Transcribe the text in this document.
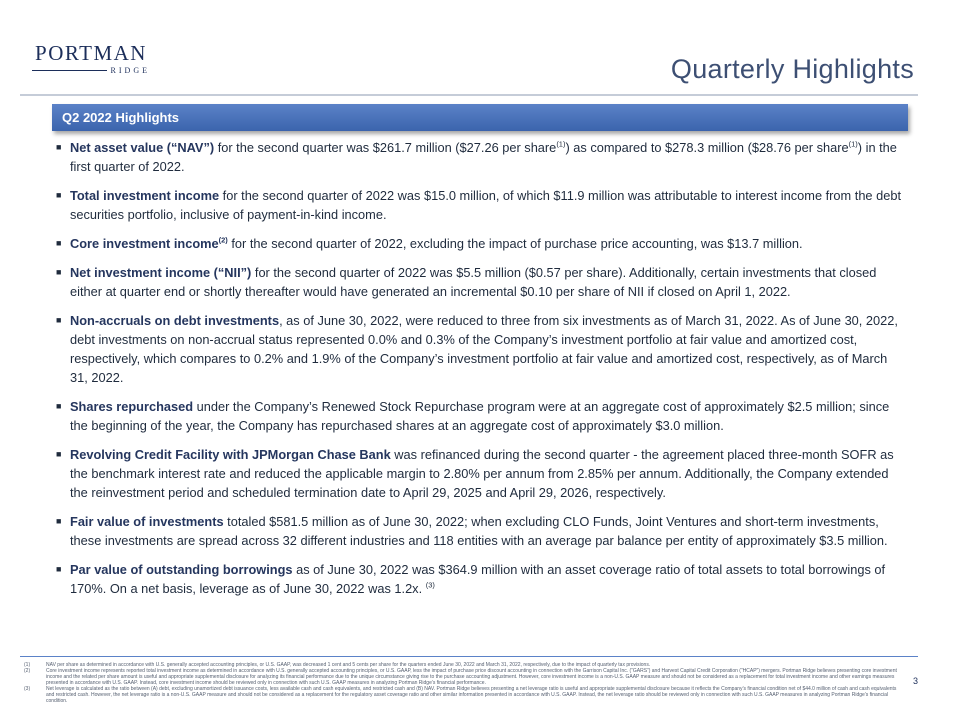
PORTMAN
RIDGE	Quarterly Highlights
Q2 2022 Highlights
■ Net asset value (“NAV”) for the second quarter was $261.7 million ($27.26 per share$^{(1)}$) as compared to $278.3 million ($28.76 per share$^{(1)}$) in the first quarter of 2022.
■ Total investment income for the second quarter of 2022 was $15.0 million, of which $11.9 million was attributable to interest income from the debt securities portfolio, inclusive of payment-in-kind income.
■ Core investment income$^{(2)}$ for the second quarter of 2022, excluding the impact of purchase price accounting, was $13.7 million.
■ Net investment income (“NII”) for the second quarter of 2022 was $5.5 million ($0.57 per share). Additionally, certain investments that closed either at quarter end or shortly thereafter would have generated an incremental $0.10 per share of NII if closed on April 1, 2022.
■ Non-accruals on debt investments, as of June 30, 2022, were reduced to three from six investments as of March 31, 2022. As of June 30, 2022, debt investments on non-accrual status represented 0.0% and 0.3% of the Company’s investment portfolio at fair value and amortized cost, respectively, which compares to 0.2% and 1.9% of the Company’s investment portfolio at fair value and amortized cost, respectively, as of March 31, 2022.
■ Shares repurchased under the Company’s Renewed Stock Repurchase program were at an aggregate cost of approximately $2.5 million; since the beginning of the year, the Company has repurchased shares at an aggregate cost of approximately $3.0 million.
■ Revolving Credit Facility with JPMorgan Chase Bank was refinanced during the second quarter - the agreement placed three-month SOFR as the benchmark interest rate and reduced the applicable margin to 2.80% per annum from 2.85% per annum. Additionally, the Company extended the reinvestment period and scheduled termination date to April 29, 2025 and April 29, 2026, respectively.
■ Fair value of investments totaled $581.5 million as of June 30, 2022; when excluding CLO Funds, Joint Ventures and short-term investments, these investments are spread across 32 different industries and 118 entities with an average par balance per entity of approximately $3.5 million.
■ Par value of outstanding borrowings as of June 30, 2022 was $364.9 million with an asset coverage ratio of total assets to total borrowings of 170%. On a net basis, leverage as of June 30, 2022 was 1.2x. $^{(3)}$
(1)	NAV per share as determined in accordance with U.S. generally accepted accounting principles, or U.S. GAAP, was decreased 1 cent and 5 cents per share for the quarters ended June 30, 2022 and March 31, 2022, respectively, due to the impact of quarterly tax provisions.
(2)	Core investment income represents reported total investment income as determined in accordance with U.S. generally accepted accounting principles, or U.S. GAAP, less the impact of purchase price discount accounting in connection with the Garrison Capital Inc. (“GARS”) and Harvest Capital Credit Corporation (“HCAP”) mergers. Portman Ridge believes presenting core investment income and the related per share amount is useful and appropriate supplemental disclosure for analyzing its financial performance due to the unique circumstance giving rise to the purchase accounting adjustment. However, core investment income is a non-U.S. GAAP measure and should not be considered as a replacement for total investment income and other earnings measures presented in accordance with U.S. GAAP. Instead, core investment income should be reviewed only in connection with such U.S. GAAP measures in analyzing Portman Ridge’s financial performance.
(3)	Net leverage is calculated as the ratio between (A) debt, excluding unamortized debt issuance costs, less available cash and cash equivalents, and restricted cash and (B) NAV. Portman Ridge believes presenting a net leverage ratio is useful and appropriate supplemental disclosure because it reflects the Company’s financial condition net of $44.0 million of cash and cash equivalents and restricted cash. However, the net leverage ratio is a non-U.S. GAAP measure and should not be considered as a replacement for the regulatory asset coverage ratio and other similar information presented in accordance with U.S. GAAP. Instead, the net leverage ratio should be reviewed only in connection with such U.S. GAAP measures in analyzing Portman Ridge’s financial condition.
3
